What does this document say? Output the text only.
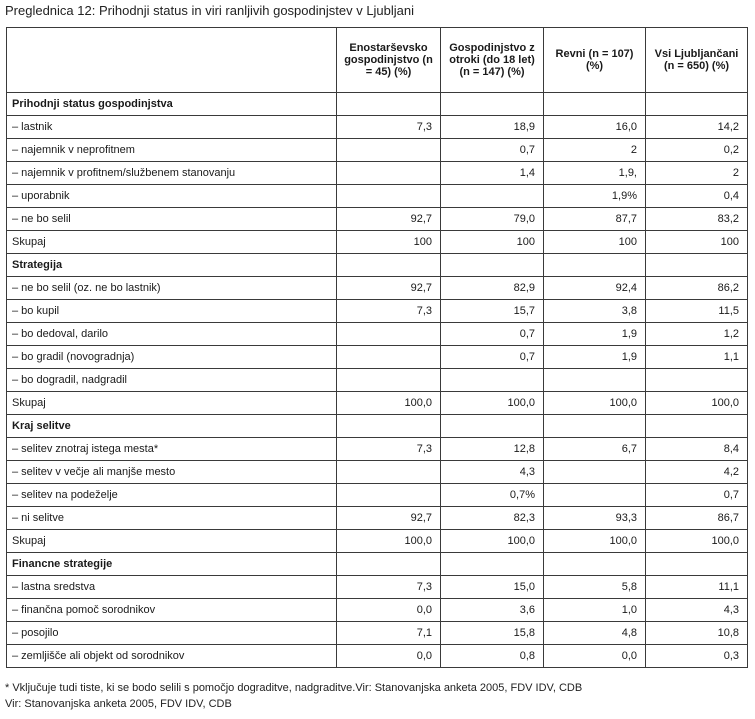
Preglednica 12: Prihodnji status in viri ranljivih gospodinjstev v Ljubljani
	Enostarševsko gospodinjstvo (n = 45) (%)	Gospodinjstvo z otroki (do 18 let) (n = 147) (%)	Revni (n = 107) (%)	Vsi Ljubljančani (n = 650) (%)
Prihodnji status gospodinjstva				
– lastnik	7,3	18,9	16,0	14,2
– najemnik v neprofitnem		0,7	2	0,2
– najemnik v profitnem/službenem stanovanju		1,4	1,9,	2
– uporabnik			1,9%	0,4
– ne bo selil	92,7	79,0	87,7	83,2
Skupaj	100	100	100	100
Strategija				
– ne bo selil (oz. ne bo lastnik)	92,7	82,9	92,4	86,2
– bo kupil	7,3	15,7	3,8	11,5
– bo dedoval, darilo		0,7	1,9	1,2
– bo gradil (novogradnja)		0,7	1,9	1,1
– bo dogradil, nadgradil				
Skupaj	100,0	100,0	100,0	100,0
Kraj selitve				
– selitev znotraj istega mesta*	7,3	12,8	6,7	8,4
– selitev v večje ali manjše mesto		4,3		4,2
– selitev na podeželje		0,7%		0,7
– ni selitve	92,7	82,3	93,3	86,7
Skupaj	100,0	100,0	100,0	100,0
Financne strategije				
– lastna sredstva	7,3	15,0	5,8	11,1
– finančna pomoč sorodnikov	0,0	3,6	1,0	4,3
– posojilo	7,1	15,8	4,8	10,8
– zemljišče ali objekt od sorodnikov	0,0	0,8	0,0	0,3
* Vključuje tudi tiste, ki se bodo selili s pomočjo dograditve, nadgraditve.Vir: Stanovanjska anketa 2005, FDV IDV, CDB
Vir: Stanovanjska anketa 2005, FDV IDV, CDB
